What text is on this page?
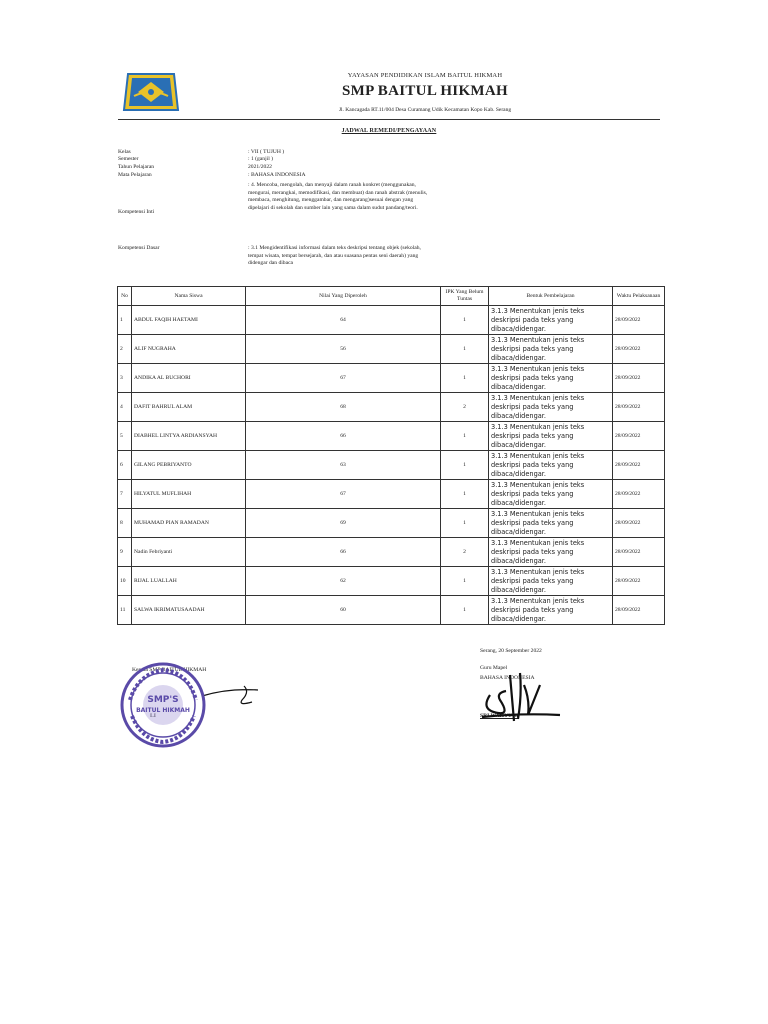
YAYASAN PENDIDIKAN ISLAM BAITUL HIKMAH
SMP BAITUL HIKMAH
Jl. Kancagada RT.11/004 Desa Curamang Udik Kecamatan Kopo Kab. Serang
JADWAL REMEDI/PENGAYAAN
Kelas	: VII ( TUJUH )
Semester	: 1 (ganjil )
Tahun Pelajaran	2021/2022
Mata Pelajaran	: BAHASA INDONESIA
Kompetensi Inti
: 4. Mencoba, mengolah, dan menyaji dalam ranah konkret (menggunakan, mengurai, merangkai, memodifikasi, dan membuat) dan ranah abstrak (menulis, membaca, menghitung, menggambar, dan mengarang)sesuai dengan yang dipelajari di sekolah dan sumber lain yang sama dalam sudut pandang/teori.
Kompetensi Dasar	: 3.1 Mengidentifikasi informasi dalam teks deskripsi tentang objek (sekolah, tempat wisata, tempat bersejarah, dan atau suasana pentas seni daerah) yang didengar dan dibaca
No	Nama Siswa	Nilai Yang Diperoleh	IPK Yang Belum Tuntas	Bentuk Pembelajaran	Waktu Pelaksanaan
1	ABDUL FAQIH HAETAMI	64	1	3.1.3 Menentukan jenis teks deskripsi pada teks yang dibaca/didengar.	28/09/2022
2	ALIF NUGRAHA	56	1	3.1.3 Menentukan jenis teks deskripsi pada teks yang dibaca/didengar.	28/09/2022
3	ANDIKA AL BUCHORI	67	1	3.1.3 Menentukan jenis teks deskripsi pada teks yang dibaca/didengar.	28/09/2022
4	DAFIT BAHRUL ALAM	68	2	3.1.3 Menentukan jenis teks deskripsi pada teks yang dibaca/didengar.	28/09/2022
5	DIABHEL LINTYA ARDIANSYAH	66	1	3.1.3 Menentukan jenis teks deskripsi pada teks yang dibaca/didengar.	28/09/2022
6	GILANG PEBRIYANTO	63	1	3.1.3 Menentukan jenis teks deskripsi pada teks yang dibaca/didengar.	28/09/2022
7	HILYATUL MUFLIHAH	67	1	3.1.3 Menentukan jenis teks deskripsi pada teks yang dibaca/didengar.	28/09/2022
8	MUHAMAD PIAN RAMADAN	69	1	3.1.3 Menentukan jenis teks deskripsi pada teks yang dibaca/didengar.	28/09/2022
9	Nadin Febriyanti	66	2	3.1.3 Menentukan jenis teks deskripsi pada teks yang dibaca/didengar.	28/09/2022
10	RIJAL LUALLAH	62	1	3.1.3 Menentukan jenis teks deskripsi pada teks yang dibaca/didengar.	28/09/2022
11	SALWA IKRIMATUSAADAH	60	1	3.1.3 Menentukan jenis teks deskripsi pada teks yang dibaca/didengar.	28/09/2022
Serang, 20 September 2022
Guru Mapel
BAHASA INDONESIA
SRI WAHYUNI
Kepala SMP BAITUL HIKMAH
SMP'S
BAITUL HIKMAH
